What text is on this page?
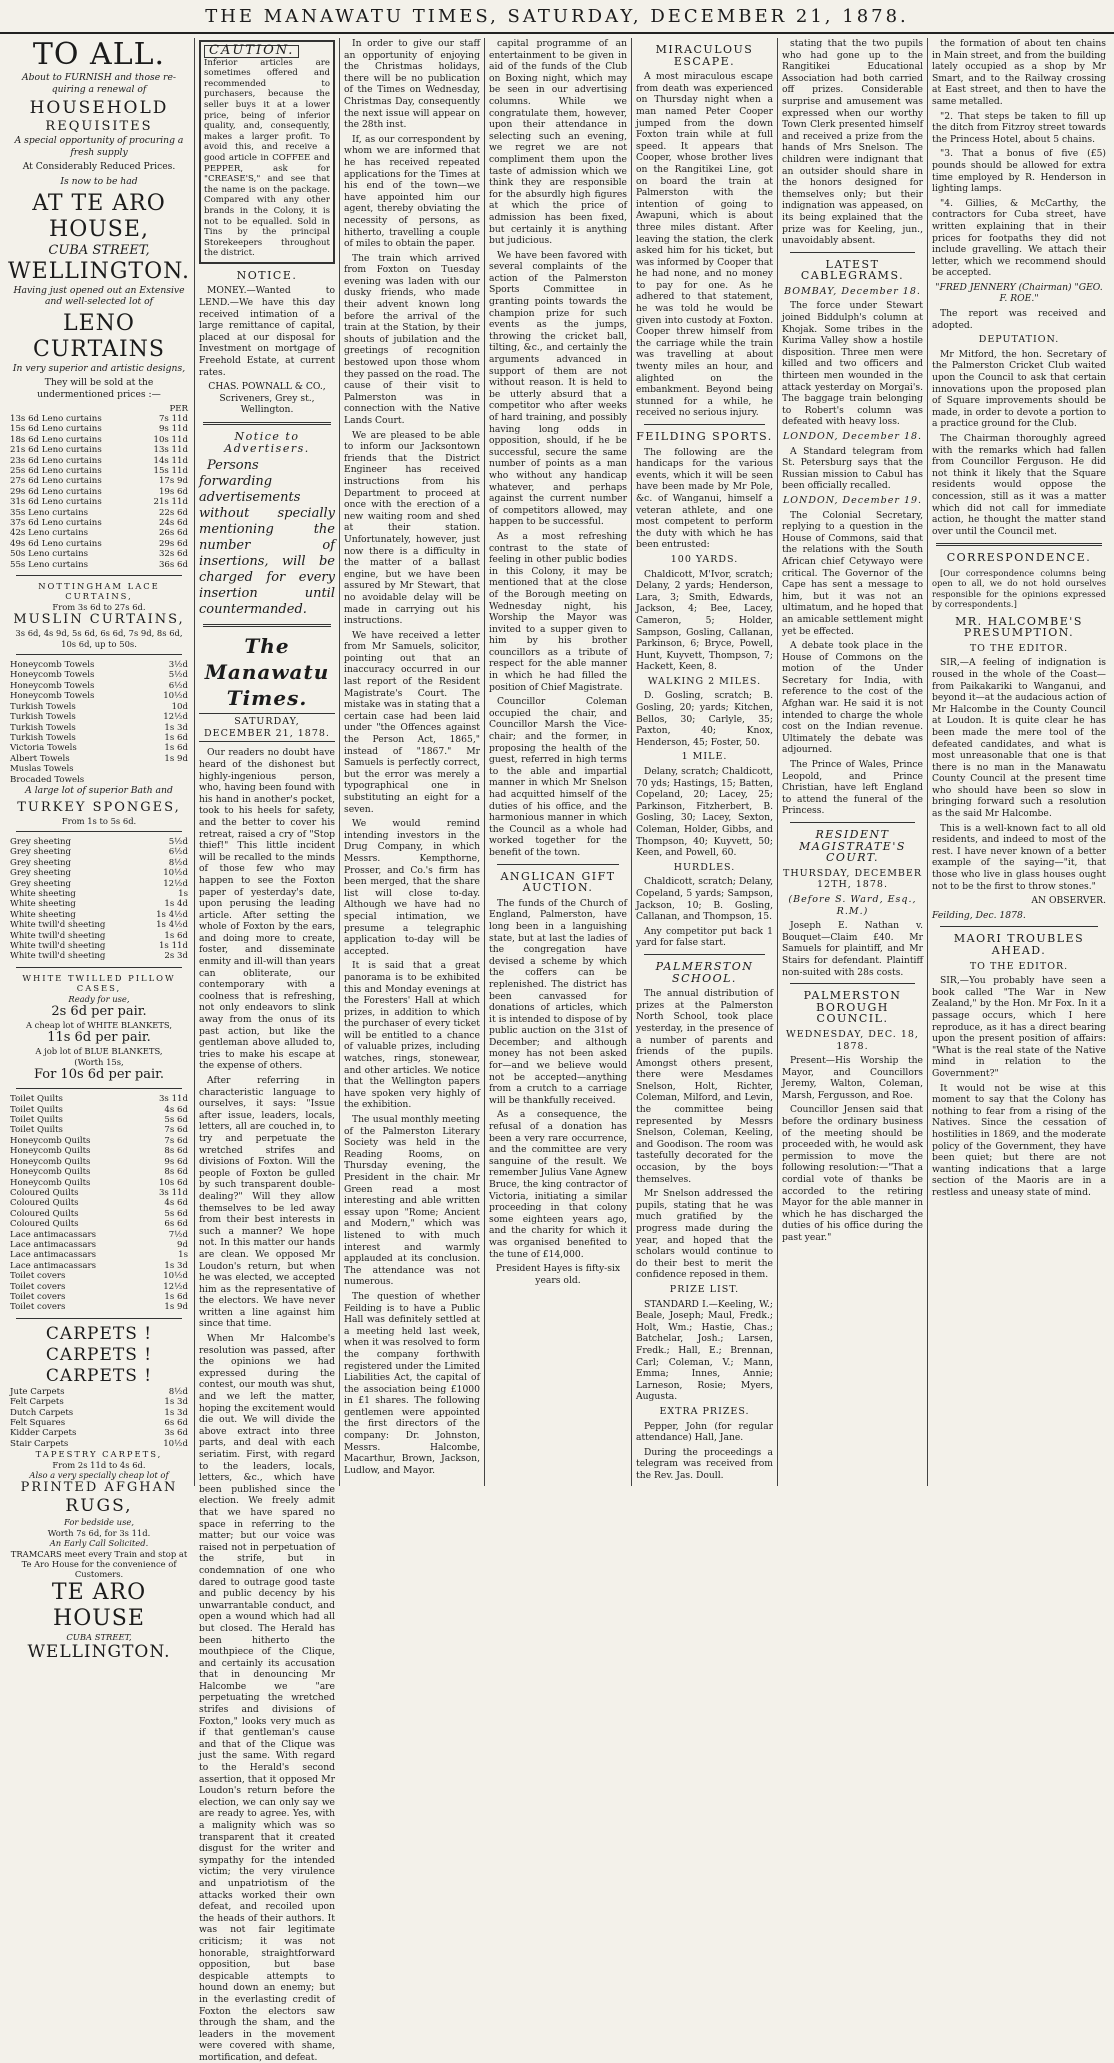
THE MANAWATU TIMES, SATURDAY, DECEMBER 21, 1878.
TO ALL.

About to FURNISH and those re-quiring a renewal of

HOUSEHOLD
REQUISITES

A special opportunity of procuring a fresh supply

At Considerably Reduced Prices.

Is now to be had

AT TE ARO HOUSE,
CUBA STREET,
WELLINGTON.

Having just opened out an Extensive and well-selected lot of

LENO CURTAINS

In very superior and artistic designs,

They will be sold at the undermentioned prices :—

PER
13s 6d Leno curtains	7s 11d
15s 6d Leno curtains	9s 11d
18s 6d Leno curtains	10s 11d
21s 6d Leno curtains	13s 11d
23s 6d Leno curtains	14s 11d
25s 6d Leno curtains	15s 11d
27s 6d Leno curtains	17s 9d
29s 6d Leno curtains	19s 6d
31s 6d Leno curtains	21s 11d
35s Leno curtains	22s 6d
37s 6d Leno curtains	24s 6d
42s Leno curtains	26s 6d
49s 6d Leno curtains	29s 6d
50s Leno curtains	32s 6d
55s Leno curtains	36s 6d
NOTTINGHAM LACE CURTAINS,
From 3s 6d to 27s 6d.
MUSLIN CURTAINS,
3s 6d, 4s 9d, 5s 6d, 6s 6d, 7s 9d, 8s 6d, 10s 6d, up to 50s.
Honeycomb Towels	3½d
Honeycomb Towels	5½d
Honeycomb Towels	6½d
Honeycomb Towels	10½d
Turkish Towels	10d
Turkish Towels	12½d
Turkish Towels	1s 3d
Turkish Towels	1s 6d
Victoria Towels	1s 6d
Albert Towels	1s 9d
Muslas Towels
Brocaded Towels

A large lot of superior Bath and

TURKEY SPONGES,
From 1s to 5s 6d.
Grey sheeting	5½d
Grey sheeting	6½d
Grey sheeting	8½d
Grey sheeting	10½d
Grey sheeting	12½d
White sheeting	1s
White sheeting	1s 4d
White sheeting	1s 4½d
White twill'd sheeting	1s 4½d
White twill'd sheeting	1s 6d
White twill'd sheeting	1s 11d
White twill'd sheeting	2s 3d
WHITE TWILLED PILLOW CASES,
Ready for use,
2s 6d per pair.
A cheap lot of WHITE BLANKETS,
11s 6d per pair.
A job lot of BLUE BLANKETS,
(Worth 15s,
For 10s 6d per pair.
Toilet Quilts	3s 11d
Toilet Quilts	4s 6d
Toilet Quilts	5s 6d
Toilet Quilts	7s 6d
Honeycomb Quilts	7s 6d
Honeycomb Quilts	8s 6d
Honeycomb Quilts	9s 6d
Honeycomb Quilts	8s 6d
Honeycomb Quilts	10s 6d
Coloured Quilts	3s 11d
Coloured Quilts	4s 6d
Coloured Quilts	5s 6d
Coloured Quilts	6s 6d
Lace antimacassars	7½d
Lace antimacassars	9d
Lace antimacassars	1s
Lace antimacassars	1s 3d
Toilet covers	10½d
Toilet covers	12½d
Toilet covers	1s 6d
Toilet covers	1s 9d
CARPETS ! CARPETS ! CARPETS !
Jute Carpets	8½d
Felt Carpets	1s 3d
Dutch Carpets	1s 3d
Felt Squares	6s 6d
Kidder Carpets	3s 6d
Stair Carpets	10½d
TAPESTRY CARPETS,
From 2s 11d to 4s 6d.
Also a very specially cheap lot of
PRINTED AFGHAN
RUGS,
For bedside use,
Worth 7s 6d, for 3s 11d.
An Early Call Solicited.
TRAMCARS meet every Train and stop at Te Aro House for the convenience of Customers.
TE ARO HOUSE
CUBA STREET,
WELLINGTON.
CAUTION. Inferior articles are sometimes offered and recommended to purchasers, because the seller buys it at a lower price, being of inferior quality, and, consequently, makes a larger profit. To avoid this, and receive a good article in COFFEE and PEPPER, ask for "CREASE'S," and see that the name is on the package. Compared with any other brands in the Colony, it is not to be equalled. Sold in Tins by the principal Storekeepers throughout the district.
NOTICE.

MONEY.—Wanted to LEND.—We have this day received intimation of a large remittance of capital, placed at our disposal for Investment on mortgage of Freehold Estate, at current rates.

CHAS. POWNALL & CO., Scriveners, Grey st., Wellington.

Notice to Advertisers.

Persons forwarding advertisements without specially mentioning the number of insertions, will be charged for every insertion until countermanded.

The Manawatu Times.
SATURDAY, DECEMBER 21, 1878.

Our readers no doubt have heard of the dishonest but highly-ingenious person, who, having been found with his hand in another's pocket, took to his heels for safety, and the better to cover his retreat, raised a cry of "Stop thief!" This little incident will be recalled to the minds of those few who may happen to see the Foxton paper of yesterday's date, upon perusing the leading article. After setting the whole of Foxton by the ears, and doing more to create, foster, and disseminate enmity and ill-will than years can obliterate, our contemporary with a coolness that is refreshing, not only endeavors to slink away from the onus of its past action, but like the gentleman above alluded to, tries to make his escape at the expense of others.

After referring in characteristic language to ourselves, it says: "Issue after issue, leaders, locals, letters, all are couched in, to try and perpetuate the wretched strifes and divisions of Foxton. Will the people of Foxton be gulled by such transparent double-dealing?" Will they allow themselves to be led away from their best interests in such a manner? We hope not. In this matter our hands are clean. We opposed Mr Loudon's return, but when he was elected, we accepted him as the representative of the electors. We have never written a line against him since that time.

When Mr Halcombe's resolution was passed, after the opinions we had expressed during the contest, our mouth was shut, and we left the matter, hoping the excitement would die out. We will divide the above extract into three parts, and deal with each seriatim. First, with regard to the leaders, locals, letters, &c., which have been published since the election. We freely admit that we have spared no space in referring to the matter; but our voice was raised not in perpetuation of the strife, but in condemnation of one who dared to outrage good taste and public decency by his unwarrantable conduct, and open a wound which had all but closed. The Herald has been hitherto the mouthpiece of the Clique, and certainly its accusation that in denouncing Mr Halcombe we "are perpetuating the wretched strifes and divisions of Foxton," looks very much as if that gentleman's cause and that of the Clique was just the same. With regard to the Herald's second assertion, that it opposed Mr Loudon's return before the election, we can only say we are ready to agree. Yes, with a malignity which was so transparent that it created disgust for the writer and sympathy for the intended victim; the very virulence and unpatriotism of the attacks worked their own defeat, and recoiled upon the heads of their authors. It was not fair legitimate criticism; it was not honorable, straightforward opposition, but base despicable attempts to hound down an enemy; but in the everlasting credit of Foxton the electors saw through the sham, and the leaders in the movement were covered with shame, mortification, and defeat.

In order to give our staff an opportunity of enjoying the Christmas holidays, there will be no publication of the Times on Wednesday, Christmas Day, consequently the next issue will appear on the 28th inst.

If, as our correspondent by whom we are informed that he has received repeated applications for the Times at his end of the town—we have appointed him our agent, thereby obviating the necessity of persons, as hitherto, travelling a couple of miles to obtain the paper.

The train which arrived from Foxton on Tuesday evening was laden with our dusky friends, who made their advent known long before the arrival of the train at the Station, by their shouts of jubilation and the greetings of recognition bestowed upon those whom they passed on the road. The cause of their visit to Palmerston was in connection with the Native Lands Court.

We are pleased to be able to inform our Jacksontown friends that the District Engineer has received instructions from his Department to proceed at once with the erection of a new waiting room and shed at their station. Unfortunately, however, just now there is a difficulty in the matter of a ballast engine, but we have been assured by Mr Stewart, that no avoidable delay will be made in carrying out his instructions.

We have received a letter from Mr Samuels, solicitor, pointing out that an inaccuracy occurred in our last report of the Resident Magistrate's Court. The mistake was in stating that a certain case had been laid under "the Offences against the Person Act, 1865," instead of "1867." Mr Samuels is perfectly correct, but the error was merely a typographical one in substituting an eight for a seven.

We would remind intending investors in the Drug Company, in which Messrs. Kempthorne, Prosser, and Co.'s firm has been merged, that the share list will close to-day. Although we have had no special intimation, we presume a telegraphic application to-day will be accepted.

It is said that a great panorama is to be exhibited this and Monday evenings at the Foresters' Hall at which prizes, in addition to which the purchaser of every ticket will be entitled to a chance of valuable prizes, including watches, rings, stonewear, and other articles. We notice that the Wellington papers have spoken very highly of the exhibition.

The usual monthly meeting of the Palmerston Literary Society was held in the Reading Rooms, on Thursday evening, the President in the chair. Mr Green read a most interesting and able written essay upon "Rome; Ancient and Modern," which was listened to with much interest and warmly applauded at its conclusion. The attendance was not numerous.

The question of whether Feilding is to have a Public Hall was definitely settled at a meeting held last week, when it was resolved to form the company forthwith registered under the Limited Liabilities Act, the capital of the association being £1000 in £1 shares. The following gentlemen were appointed the first directors of the company: Dr. Johnston, Messrs. Halcombe, Macarthur, Brown, Jackson, Ludlow, and Mayor.

capital programme of an entertainment to be given in aid of the funds of the Club on Boxing night, which may be seen in our advertising columns. While we congratulate them, however, upon their attendance in selecting such an evening, we regret we are not compliment them upon the taste of admission which we think they are responsible for the absurdly high figures at which the price of admission has been fixed, but certainly it is anything but judicious.

We have been favored with several complaints of the action of the Palmerston Sports Committee in granting points towards the champion prize for such events as the jumps, throwing the cricket ball, tilting, &c., and certainly the arguments advanced in support of them are not without reason. It is held to be utterly absurd that a competitor who after weeks of hard training, and possibly having long odds in opposition, should, if he be successful, secure the same number of points as a man who without any handicap whatever, and perhaps against the current number of competitors allowed, may happen to be successful.

As a most refreshing contrast to the state of feeling in other public bodies in this Colony, it may be mentioned that at the close of the Borough meeting on Wednesday night, his Worship the Mayor was invited to a supper given to him by his brother councillors as a tribute of respect for the able manner in which he had filled the position of Chief Magistrate.

Councillor Coleman occupied the chair, and Councillor Marsh the Vice-chair; and the former, in proposing the health of the guest, referred in high terms to the able and impartial manner in which Mr Snelson had acquitted himself of the duties of his office, and the harmonious manner in which the Council as a whole had worked together for the benefit of the town.

ANGLICAN GIFT AUCTION.

The funds of the Church of England, Palmerston, have long been in a languishing state, but at last the ladies of the congregation have devised a scheme by which the coffers can be replenished. The district has been canvassed for donations of articles, which it is intended to dispose of by public auction on the 31st of December; and although money has not been asked for—and we believe would not be accepted—anything from a crutch to a carriage will be thankfully received.

As a consequence, the refusal of a donation has been a very rare occurrence, and the committee are very sanguine of the result. We remember Julius Vane Agnew Bruce, the king contractor of Victoria, initiating a similar proceeding in that colony some eighteen years ago, and the charity for which it was organised benefited to the tune of £14,000.

President Hayes is fifty-six years old.

MIRACULOUS ESCAPE.

A most miraculous escape from death was experienced on Thursday night when a man named Peter Cooper jumped from the down Foxton train while at full speed. It appears that Cooper, whose brother lives on the Rangitikei Line, got on board the train at Palmerston with the intention of going to Awapuni, which is about three miles distant. After leaving the station, the clerk asked him for his ticket, but was informed by Cooper that he had none, and no money to pay for one. As he adhered to that statement, he was told he would be given into custody at Foxton. Cooper threw himself from the carriage while the train was travelling at about twenty miles an hour, and alighted on the embankment. Beyond being stunned for a while, he received no serious injury.

FEILDING SPORTS.

The following are the handicaps for the various events, which it will be seen have been made by Mr Pole, &c. of Wanganui, himself a veteran athlete, and one most competent to perform the duty with which he has been entrusted:

100 YARDS.

Chaldicott, M'Ivor, scratch; Delany, 2 yards; Henderson, Lara, 3; Smith, Edwards, Jackson, 4; Bee, Lacey, Cameron, 5; Holder, Sampson, Gosling, Callanan, Parkinson, 6; Bryce, Powell, Hunt, Kuyvett, Thompson, 7; Hackett, Keen, 8.

WALKING 2 MILES.

D. Gosling, scratch; B. Gosling, 20; yards; Kitchen, Bellos, 30; Carlyle, 35; Paxton, 40; Knox, Henderson, 45; Foster, 50.

1 MILE.

Delany, scratch; Chaldicott, 70 yds; Hastings, 15; Batten, Copeland, 20; Lacey, 25; Parkinson, Fitzherbert, B. Gosling, 30; Lacey, Sexton, Coleman, Holder, Gibbs, and Thompson, 40; Kuyvett, 50; Keen, and Powell, 60.

HURDLES.

Chaldicott, scratch; Delany, Copeland, 5 yards; Sampson, Jackson, 10; B. Gosling, Callanan, and Thompson, 15.

Any competitor put back 1 yard for false start.

PALMERSTON SCHOOL.

The annual distribution of prizes at the Palmerston North School, took place yesterday, in the presence of a number of parents and friends of the pupils. Amongst others present, there were Mesdames Snelson, Holt, Richter, Coleman, Milford, and Levin, the committee being represented by Messrs Snelson, Coleman, Keeling, and Goodison. The room was tastefully decorated for the occasion, by the boys themselves.

Mr Snelson addressed the pupils, stating that he was much gratified by the progress made during the year, and hoped that the scholars would continue to do their best to merit the confidence reposed in them.

PRIZE LIST.

STANDARD I.—Keeling, W.; Beale, Joseph; Maul, Fredk.; Holt, Wm.; Hastie, Chas.; Batchelar, Josh.; Larsen, Fredk.; Hall, E.; Brennan, Carl; Coleman, V.; Mann, Emma; Innes, Annie; Larneson, Rosie; Myers, Augusta.

EXTRA PRIZES.

Pepper, John (for regular attendance) Hall, Jane.

During the proceedings a telegram was received from the Rev. Jas. Doull.

stating that the two pupils who had gone up to the Rangitikei Educational Association had both carried off prizes. Considerable surprise and amusement was expressed when our worthy Town Clerk presented himself and received a prize from the hands of Mrs Snelson. The children were indignant that an outsider should share in the honors designed for themselves only; but their indignation was appeased, on its being explained that the prize was for Keeling, jun., unavoidably absent.

LATEST CABLEGRAMS.
BOMBAY, December 18.

The force under Stewart joined Biddulph's column at Khojak. Some tribes in the Kurima Valley show a hostile disposition. Three men were killed and two officers and thirteen men wounded in the attack yesterday on Morgai's. The baggage train belonging to Robert's column was defeated with heavy loss.

LONDON, December 18.

A Standard telegram from St. Petersburg says that the Russian mission to Cabul has been officially recalled.

LONDON, December 19.

The Colonial Secretary, replying to a question in the House of Commons, said that the relations with the South African chief Cetywayo were critical. The Governor of the Cape has sent a message to him, but it was not an ultimatum, and he hoped that an amicable settlement might yet be effected.

A debate took place in the House of Commons on the motion of the Under Secretary for India, with reference to the cost of the Afghan war. He said it is not intended to charge the whole cost on the Indian revenue. Ultimately the debate was adjourned.

The Prince of Wales, Prince Leopold, and Prince Christian, have left England to attend the funeral of the Princess.

RESIDENT MAGISTRATE'S COURT.
THURSDAY, DECEMBER 12TH, 1878.
(Before S. Ward, Esq., R.M.)

Joseph E. Nathan v. Bouquet—Claim £40. Mr Samuels for plaintiff, and Mr Stairs for defendant. Plaintiff non-suited with 28s costs.

PALMERSTON BOROUGH COUNCIL.
WEDNESDAY, DEC. 18, 1878.

Present—His Worship the Mayor, and Councillors Jeremy, Walton, Coleman, Marsh, Fergusson, and Roe.

Councillor Jensen said that before the ordinary business of the meeting should be proceeded with, he would ask permission to move the following resolution:—"That a cordial vote of thanks be accorded to the retiring Mayor for the able manner in which he has discharged the duties of his office during the past year."

the formation of about ten chains in Main street, and from the building lately occupied as a shop by Mr Smart, and to the Railway crossing at East street, and then to have the same metalled.

"2. That steps be taken to fill up the ditch from Fitzroy street towards the Princess Hotel, about 5 chains.

"3. That a bonus of five (£5) pounds should be allowed for extra time employed by R. Henderson in lighting lamps.

"4. Gillies, & McCarthy, the contractors for Cuba street, have written explaining that in their prices for footpaths they did not include gravelling. We attach their letter, which we recommend should be accepted.

"FRED JENNERY (Chairman) "GEO. F. ROE."

The report was received and adopted.

DEPUTATION.

Mr Mitford, the hon. Secretary of the Palmerston Cricket Club waited upon the Council to ask that certain innovations upon the proposed plan of Square improvements should be made, in order to devote a portion to a practice ground for the Club.

The Chairman thoroughly agreed with the remarks which had fallen from Councillor Ferguson. He did not think it likely that the Square residents would oppose the concession, still as it was a matter which did not call for immediate action, he thought the matter stand over until the Council met.

CORRESPONDENCE.

[Our correspondence columns being open to all, we do not hold ourselves responsible for the opinions expressed by correspondents.]

MR. HALCOMBE'S PRESUMPTION.
TO THE EDITOR.

SIR,—A feeling of indignation is roused in the whole of the Coast—from Paikakariki to Wanganui, and beyond it—at the audacious action of Mr Halcombe in the County Council at Loudon. It is quite clear he has been made the mere tool of the defeated candidates, and what is most unreasonable that one is that there is no man in the Manawatu County Council at the present time who should have been so slow in bringing forward such a resolution as the said Mr Halcombe.

This is a well-known fact to all old residents, and indeed to most of the rest. I have never known of a better example of the saying—"it, that those who live in glass houses ought not to be the first to throw stones."

AN OBSERVER.

Feilding, Dec. 1878.

MAORI TROUBLES AHEAD.
TO THE EDITOR.

SIR,—You probably have seen a book called "The War in New Zealand," by the Hon. Mr Fox. In it a passage occurs, which I here reproduce, as it has a direct bearing upon the present position of affairs: "What is the real state of the Native mind in relation to the Government?"

It would not be wise at this moment to say that the Colony has nothing to fear from a rising of the Natives. Since the cessation of hostilities in 1869, and the moderate policy of the Government, they have been quiet; but there are not wanting indications that a large section of the Maoris are in a restless and uneasy state of mind.
